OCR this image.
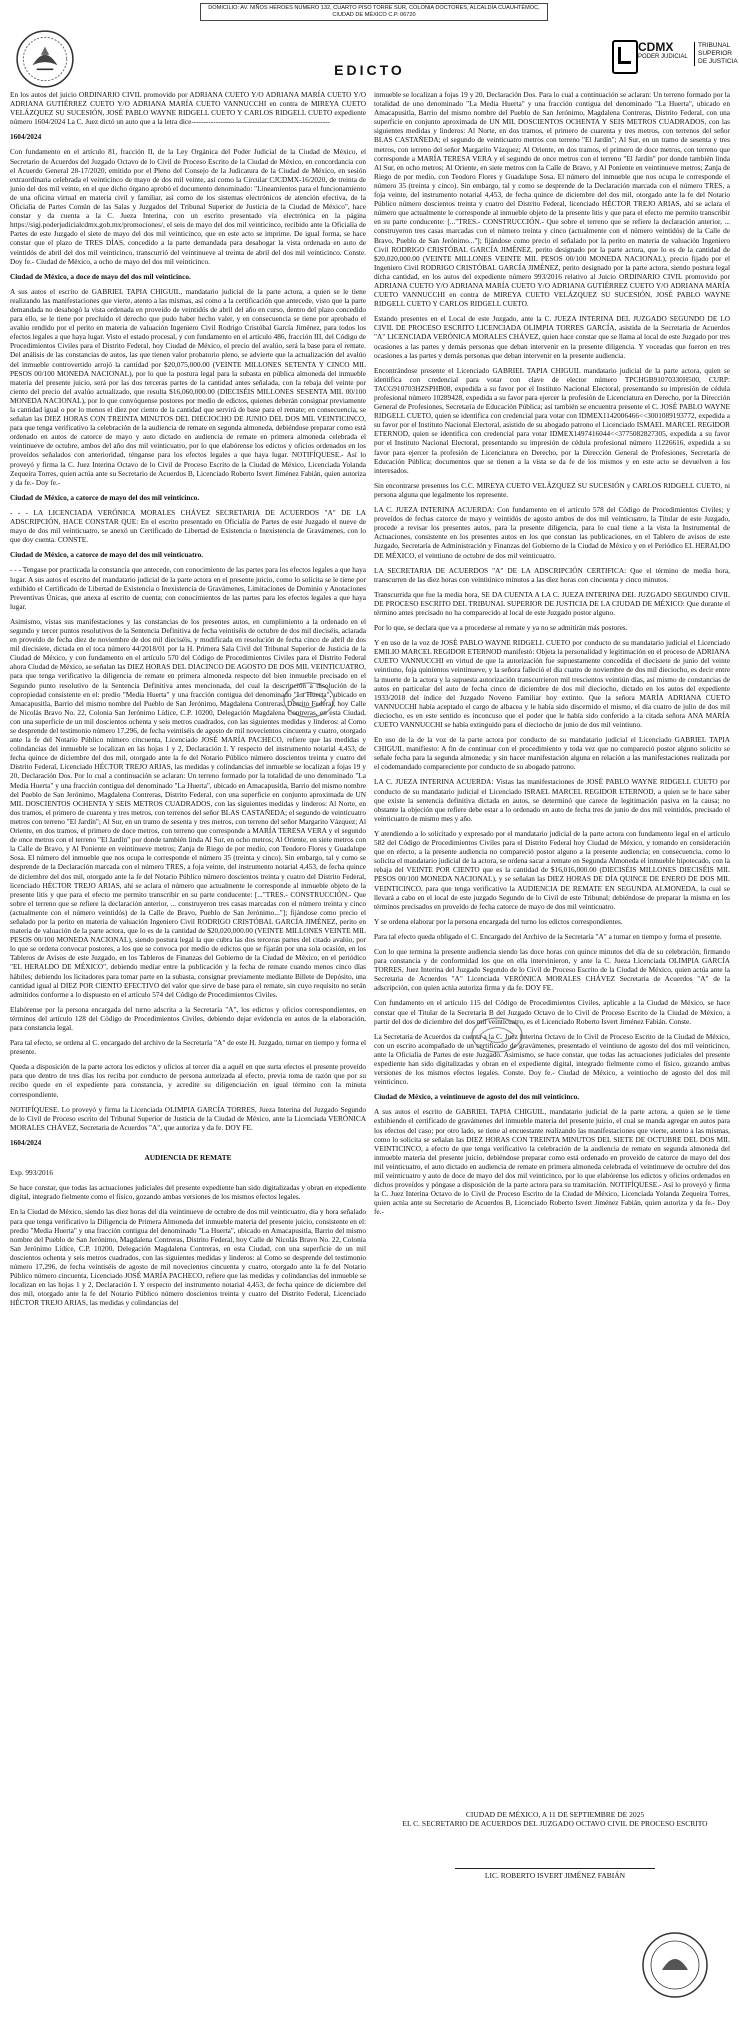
DOMICILIO: AV. NIÑOS HEROES NUMERO 132, CUARTO PISO TORRE SUR, COLONIA DOCTORES, ALCALDÍA CUAUHTÉMOC, CIUDAD DE MÉXICO C.P. 06720
EDICTO
CDMX
PODER JUDICIAL
TRIBUNAL SUPERIOR DE JUSTICIA

En los autos del juicio ORDINARIO CIVIL promovido por ADRIANA CUETO Y/O ADRIANA MARÍA CUETO Y/O ADRIANA GUTIÉRREZ CUETO Y/O ADRIANA MARÍA CUETO VANNUCCHI en contra de MIREYA CUETO VELÁZQUEZ SU SUCESIÓN, JOSÉ PABLO WAYNE RIDGELL CUETO Y CARLOS RIDGELL CUETO expediente número 1604/2024 La C. Juez dictó un auto que a la letra dice---------------------------------------------------------

1604/2024

Con fundamento en el artículo 81, fracción II, de la Ley Orgánica del Poder Judicial de la Ciudad de México, el Secretario de Acuerdos del Juzgado Octavo de lo Civil de Proceso Escrito de la Ciudad de México, en concordancia con el Acuerdo General 28-17/2020, emitido por el Pleno del Consejo de la Judicatura de la Ciudad de México, en sesión extraordinaria celebrada el veinticinco de mayo de dos mil veinte, así como la Circular CJCDMX-16/2020, de treinta de junio del dos mil veinte, en el que dicho órgano aprobó el documento denominado: "Lineamientos para el funcionamiento de una oficina virtual en materia civil y familiar, así como de los sistemas electrónicos de atención efectiva, de la Oficialía de Partes Común de las Salas y Juzgados del Tribunal Superior de Justicia de la Ciudad de México", hace constar y da cuenta a la C. Jueza Interina, con un escrito presentado vía electrónica en la página https://sigj.poderjudicialcdmx.gob.mx/promociones/, el seis de mayo del dos mil veinticinco, recibido ante la Oficialía de Partes de este Juzgado el siete de mayo del dos mil veinticinco, que en este acto se imprime. De igual forma, se hace constar que el plazo de TRES DÍAS, concedido a la parte demandada para desahogar la vista ordenada en auto de veintidós de abril del dos mil veinticinco, transcurrió del veintinueve al treinta de abril del dos mil veinticinco. Conste. Doy fe.- Ciudad de México, a ocho de mayo del dos mil veinticinco.

Ciudad de México, a doce de mayo del dos mil veinticinco.

A sus autos el escrito de GABRIEL TAPIA CHIGUIL, mandatario judicial de la parte actora, a quien se le tiene realizando las manifestaciones que vierte, atento a las mismas, así como a la certificación que antecede, visto que la parte demandada no desahogó la vista ordenada en proveído de veintidós de abril del año en curso, dentro del plazo concedido para ello, se le tiene por precluido el derecho que pudo haber hecho valer, y en consecuencia se tiene por aprobado el avalúo rendido por el perito en materia de valuación Ingeniero Civil Rodrigo Cristóbal García Jiménez, para todos los efectos legales a que haya lugar. Visto el estado procesal, y con fundamento en el artículo 486, fracción III, del Código de Procedimientos Civiles para el Distrito Federal, hoy Ciudad de México, el precio del avalúo, será la base para el remate. Del análisis de las constancias de autos, las que tienen valor probatorio pleno, se advierte que la actualización del avalúo del inmueble controvertido arrojó la cantidad por $20,075,000.00 (VEINTE MILLONES SETENTA Y CINCO MIL PESOS 00/100 MONEDA NACIONAL), por lo que la postura legal para la subasta en pública almoneda del inmueble materia del presente juicio, será por las dos terceras partes de la cantidad antes señalada, con la rebaja del veinte por ciento del precio del avalúo actualizado, que resulta $16,060,000.00 (DIECISÉIS MILLONES SESENTA MIL 00/100 MONEDA NACIONAL), por lo que convóquense postores por medio de edictos, quienes deberán consignar previamente la cantidad igual o por lo menos el diez por ciento de la cantidad que servirá de base para el remate; en consecuencia, se señalan las DIEZ HORAS CON TREINTA MINUTOS DEL DIECIOCHO DE JUNIO DEL DOS MIL VEINTICINCO, para que tenga verificativo la celebración de la audiencia de remate en segunda almoneda, debiéndose preparar como está ordenado en autos de catorce de mayo y auto dictado en audiencia de remate en primera almoneda celebrada el veintinueve de octubre, ambos del año dos mil veinticuatro, por lo que elabórense los edictos y oficios ordenados en los proveídos señalados con anterioridad, ténganse para los efectos legales a que haya lugar. NOTIFÍQUESE.- Así lo proveyó y firma la C. Juez Interina Octavo de lo Civil de Proceso Escrito de la Ciudad de México, Licenciada Yolanda Zequeira Torres, quien actúa ante su Secretario de Acuerdos B, Licenciado Roberto Isvert Jiménez Fabián, quien autoriza y da fe.- Doy fe.-

Ciudad de México, a catorce de mayo del dos mil veinticinco.

- - - LA LICENCIADA VERÓNICA MORALES CHÁVEZ SECRETARIA DE ACUERDOS "A" DE LA ADSCRIPCIÓN, HACE CONSTAR QUE: En el escrito presentado en Oficialía de Partes de este Juzgado el nueve de mayo de dos mil veinticuatro, se anexó un Certificado de Libertad de Existencia o Inexistencia de Gravámenes, con lo que doy cuenta. CONSTE.

Ciudad de México, a catorce de mayo del dos mil veinticuatro.

- - - Tengase por practicada la constancia que antecede, con conocimiento de las partes para los efectos legales a que haya lugar. A sus autos el escrito del mandatario judicial de la parte actora en el presente juicio, como lo solicita se le tiene por exhibido el Certificado de Libertad de Existencia o Inexistencia de Gravámenes, Limitaciones de Dominio y Anotaciones Preventivas Únicas, que anexa al escrito de cuenta; con conocimientos de las partes para los efectos legales a que haya lugar.

Asimismo, vistas sus manifestaciones y las constancias de los presentes autos, en cumplimiento a la ordenado en el segundo y tercer puntos resolutivos de la Sentencia Definitiva de fecha veintiséis de octubre de dos mil dieciséis, aclarada en proveído de fecha diez de noviembre de dos mil dieciséis, y modificada en resolución de fecha cinco de abril de dos mil diecisiete, dictada en el toca número 44/2018/01 por la H. Primera Sala Civil del Tribunal Superior de Justicia de la Ciudad de México, y con fundamento en el artículo 570 del Código de Procedimientos Civiles para el Distrito Federal ahora Ciudad de México, se señalan las DIEZ HORAS DEL DIACINCO DE AGOSTO DE DOS MIL VEINTICUATRO, para que tenga verificativo la diligencia de remate en primera almoneda respecto del bien inmueble precisado en el Segundo punto resolutivo de la Sentencia Definitiva antes mencionada, del cual la descripción a disolución de la copropiedad consistente en el: predio "Media Huerta" y una fracción contigua del denominado "La Huerta", ubicado en Amacapusitla, Barrio del mismo nombre del Pueblo de San Jerónimo, Magdalena Contreras, Distrito Federal, hoy Calle de Nicolás Bravo No. 22, Colonia San Jerónimo Lídice, C.P. 10200, Delegación Magdalena Contreras, en esta Ciudad, con una superficie de un mil doscientos ochenta y seis metros cuadrados, con las siguientes medidas y linderos: al Como se desprende del testimonio número 17,296, de fecha veintiséis de agosto de mil novecientos cincuenta y cuatro, otorgado ante la fe del Notario Público número cincuenta, Licenciado JOSÉ MARÍA PACHECO, refiere que las medidas y colindancias del inmueble se localizan en las hojas 1 y 2, Declaración I. Y respecto del instrumento notarial 4,453, de fecha quince de diciembre del dos mil, otorgado ante la fe del Notario Público número doscientos treinta y cuatro del Distrito Federal, Licenciado HÉCTOR TREJO ARIAS, las medidas y colindancias del inmueble se localizan a fojas 19 y 20, Declaración Dos. Por lo cual a continuación se aclaran: Un terreno formado por la totalidad de uno denominado "La Media Huerta" y una fracción contigua del denominado "La Huerta", ubicado en Amacapusitla, Barrio del mismo nombre del Pueblo de San Jerónimo, Magdalena Contreras, Distrito Federal, con una superficie en conjunto aproximada de UN MIL DOSCIENTOS OCHENTA Y SEIS METROS CUADRADOS, con las siguientes medidas y linderos: Al Norte, en dos tramos, el primero de cuarenta y tres metros, con terrenos del señor BLAS CASTAÑEDA; el segundo de veinticuatro metros con terreno "El Jardín"; Al Sur, en un tramo de sesenta y tres metros, con terreno del señor Margarito Vázquez; Al Oriente, en dos tramos, el primero de doce metros, con terreno que corresponde a MARÍA TERESA VERA y el segundo de once metros con el terreno "El Jardín" por donde también linda Al Sur, en ocho metros; Al Oriente, en siete metros con la Calle de Bravo, y Al Poniente en veintinueve metros; Zanja de Riego de por medio, con Teodoro Flores y Guadalupe Sosa. El número del inmueble que nos ocupa le corresponde el número 35 (treinta y cinco). Sin embargo, tal y como se desprende de la Declaración marcada con el número TRES, a foja veinte, del instrumento notarial 4,453, de fecha quince de diciembre del dos mil, otorgado ante la fe del Notario Público número doscientos treinta y cuatro del Distrito Federal, licenciado HÉCTOR TREJO ARIAS, ahí se aclara el número que actualmente le corresponde al inmueble objeto de la presente litis y que para el efecto me permito transcribir en su parte conducente: [..."TRES.- CONSTRUCCIÓN.- Que sobre el terreno que se refiere la declaración anterior, ... construyeron tres casas marcadas con el número treinta y cinco (actualmente con el número veintidós) de la Calle de Bravo, Pueblo de San Jerónimo..."]; fijándose como precio el señalado por la perito en materia de valuación Ingeniero Civil RODRIGO CRISTÓBAL GARCÍA JIMÉNEZ, perito en materia de valuación de la parte actora, que lo es de la cantidad de $20,020,000.00 (VEINTE MILLONES VEINTE MIL PESOS 00/100 MONEDA NACIONAL), siendo postura legal la que cubra las dos terceras partes del citado avalúo, por lo que se ordena convocar postores, a los que se convoca por medio de edictos que se fijarán por una sola ocasión, en los Tableros de Avisos de este Juzgado, en los Tableros de Finanzas del Gobierno de la Ciudad de México, en el periódico "EL HERALDO DE MÉXICO", debiendo mediar entre la publicación y la fecha de remate cuando menos cinco días hábiles; debiendo los licitadores para tomar parte en la subasta, consignar previamente mediante Billete de Depósito, una cantidad igual al DIEZ POR CIENTO EFECTIVO del valor que sirve de base para el remate, sin cuyo requisito no serán admitidos conforme a lo dispuesto en el artículo 574 del Código de Procedimientos Civiles.

Elabórense por la persona encargada del turno adscrita a la Secretaría "A", los edictos y oficios correspondientes, en términos del artículo 128 del Código de Procedimientos Civiles, debiendo dejar evidencia en autos de la elaboración, para constancia legal.

Para tal efecto, se ordena al C. encargado del archivo de la Secretaría "A" de este H. Juzgado, turnar en tiempo y forma el presente.

Queda a disposición de la parte actora los edictos y oficios al tercer día a aquél en que surta efectos el presente proveído para que dentro de tres días los reciba por conducto de persona autorizada al efecto, previa toma de razón que por su recibo quede en el expediente para constancia, y acredite su diligenciación en igual término con la minuta correspondiente.

NOTIFÍQUESE. Lo proveyó y firma la Licenciada OLIMPIA GARCÍA TORRES, Jueza Interina del Juzgado Segundo de lo Civil de Proceso escrito del Tribunal Superior de Justicia de la Ciudad de México, ante la Licenciada VERÓNICA MORALES CHÁVEZ, Secretaria de Acuerdos "A", que autoriza y da fe. DOY FE.

1604/2024

AUDIENCIA DE REMATE

Exp. 993/2016

Se hace constar, que todas las actuaciones judiciales del presente expediente han sido digitalizadas y obran en expediente digital, integrado fielmente como el físico, gozando ambas versiones de los mismos efectos legales.

En la Ciudad de México, siendo las diez horas del día veintinueve de octubre de dos mil veinticuatro, día y hora señalado para que tenga verificativo la Diligencia de Primera Almoneda del inmueble materia del presente juicio, consistente en el: predio "Media Huerta" y una fracción contigua del denominado "La Huerta", ubicado en Amacapusitla, Barrio del mismo nombre del Pueblo de San Jerónimo, Magdalena Contreras, Distrito Federal, hoy Calle de Nicolás Bravo No. 22, Colonia San Jerónimo Lídice, C.P. 10200, Delegación Magdalena Contreras, en esta Ciudad, con una superficie de un mil doscientos ochenta y seis metros cuadrados, con las siguientes medidas y linderos: al Como se desprende del testimonio número 17,296, de fecha veintiséis de agosto de mil novecientos cincuenta y cuatro, otorgado ante la fe del Notario Público número cincuenta, Licenciado JOSÉ MARÍA PACHECO, refiere que las medidas y colindancias del inmueble se localizan en las hojas 1 y 2, Declaración I. Y respecto del instrumento notarial 4,453, de fecha quince de diciembre del dos mil, otorgado ante la fe del Notario Público número doscientos treinta y cuatro del Distrito Federal, Licenciado HÉCTOR TREJO ARIAS, las medidas y colindancias del

inmueble se localizan a fojas 19 y 20, Declaración Dos. Para lo cual a continuación se aclaran: Un terreno formado por la totalidad de uno denominado "La Media Huerta" y una fracción contigua del denominado "La Huerta", ubicado en Amacapusitla, Barrio del mismo nombre del Pueblo de San Jerónimo, Magdalena Contreras, Distrito Federal, con una superficie en conjunto aproximada de UN MIL DOSCIENTOS OCHENTA Y SEIS METROS CUADRADOS, con las siguientes medidas y linderos: Al Norte, en dos tramos, el primero de cuarenta y tres metros, con terrenos del señor BLAS CASTAÑEDA; el segundo de veinticuatro metros con terreno "El Jardín"; Al Sur, en un tramo de sesenta y tres metros, con terreno del señor Margarito Vázquez; Al Oriente, en dos tramos, el primero de doce metros, con terreno que corresponde a MARÍA TERESA VERA y el segundo de once metros con el terreno "El Jardín" por donde también linda Al Sur, en ocho metros; Al Oriente, en siete metros con la Calle de Bravo, y Al Poniente en veintinueve metros; Zanja de Riego de por medio, con Teodoro Flores y Guadalupe Sosa. El número del inmueble que nos ocupa le corresponde el número 35 (treinta y cinco). Sin embargo, tal y como se desprende de la Declaración marcada con el número TRES, a foja veinte, del instrumento notarial 4,453, de fecha quince de diciembre del dos mil, otorgado ante la fe del Notario Público número doscientos treinta y cuatro del Distrito Federal, licenciado HÉCTOR TREJO ARIAS, ahí se aclara el número que actualmente le corresponde al inmueble objeto de la presente litis y que para el efecto me permito transcribir en su parte conducente: [..."TRES.- CONSTRUCCIÓN.- Que sobre el terreno que se refiere la declaración anterior, ... construyeron tres casas marcadas con el número treinta y cinco (actualmente con el número veintidós) de la Calle de Bravo, Pueblo de San Jerónimo..."]; fijándose como precio el señalado por la perito en materia de valuación Ingeniero Civil RODRIGO CRISTÓBAL GARCÍA JIMÉNEZ, perito designado por la parte actora, que lo es de la cantidad de $20,020,000.00 (VEINTE MILLONES VEINTE MIL PESOS 00/100 MONEDA NACIONAL), precio fijado por el Ingeniero Civil RODRIGO CRISTÓBAL GARCÍA JIMÉNEZ, perito designado por la parte actora, siendo postura legal dicha cantidad, en los autos del expediente número 993/2016 relativo al Juicio ORDINARIO CIVIL promovido por ADRIANA CUETO Y/O ADRIANA MARÍA CUETO Y/O ADRIANA GUTIÉRREZ CUETO Y/O ADRIANA MARÍA CUETO VANNUCCHI en contra de MIREYA CUETO VELÁZQUEZ SU SUCESIÓN, JOSÉ PABLO WAYNE RIDGELL CUETO Y CARLOS RIDGELL CUETO.

Estando presentes en el Local de este Juzgado, ante la C. JUEZA INTERINA DEL JUZGADO SEGUNDO DE LO CIVIL DE PROCESO ESCRITO LICENCIADA OLIMPIA TORRES GARCÍA, asistida de la Secretaria de Acuerdos "A" LICENCIADA VERÓNICA MORALES CHÁVEZ, quien hace constar que se llama al local de este Juzgado por tres ocasiones a las partes y demás personas que deban intervenir en la presente diligencia. Y voceadas que fueron en tres ocasiones a las partes y demás personas que deban intervenir en la presente audiencia.

Encontrándose presente el Licenciado GABRIEL TAPIA CHIGUIL mandatario judicial de la parte actora, quien se identifica con credencial para votar con clave de elector número TPCHGB91070330H500, CURP: TACG910703HZSPHB08, expedida a su favor por el Instituto Nacional Electoral, presentando su impresión de cédula profesional número 10289428, expedida a su favor para ejercer la profesión de Licenciatura en Derecho, por la Dirección General de Profesiones, Secretaría de Educación Pública; así también se encuentra presente el C. JOSÉ PABLO WAYNE RIDGELL CUETO, quien se identifica con credencial para votar con IDMEX1142006466<<3001089193772, expedida a su favor por el Instituto Nacional Electoral, asistido de su abogado patrono el Licenciado ISMAEL MARCEL REGIDOR ETERNOD, quien se identifica con credencial para votar IDMEX1497416044<<3775082827305, expedida a su favor por el Instituto Nacional Electoral, presentando su impresión de cédula profesional número 11226616, expedida a su favor para ejercer la profesión de Licenciatura en Derecho, por la Dirección General de Profesiones, Secretaría de Educación Pública; documentos que se tienen a la vista se da fe de los mismos y en este acto se devuelven a los interesados.

Sin encontrarse presentes los C.C. MIREYA CUETO VELÁZQUEZ SU SUCESIÓN y CARLOS RIDGELL CUETO, ni persona alguna que legalmente los represente.

LA C. JUEZA INTERINA ACUERDA: Con fundamento en el artículo 578 del Código de Procedimientos Civiles; y proveídos de fechas catorce de mayo y veintidós de agosto ambos de dos mil veinticuatro, la Titular de este Juzgado, procede a revisar los presentes autos, para la presente diligencia, para lo cual tiene a la vista la Instrumental de Actuaciones, consistente en los presentes autos en los que constan las publicaciones, en el Tablero de avisos de este Juzgado, Secretaría de Administración y Finanzas del Gobierno de la Ciudad de México y en el Periódico EL HERALDO DE MÉXICO, el veintiuno de octubre de dos mil veinticuatro.

LA SECRETARIA DE ACUERDOS "A" DE LA ADSCRIPCIÓN CERTIFICA: Que el término de media hora, transcurren de las diez horas con veintiúnico minutos a las diez horas con cincuenta y cinco minutos.

Transcurrida que fue la media hora, SE DA CUENTA A LA C. JUEZA INTERINA DEL JUZGADO SEGUNDO CIVIL DE PROCESO ESCRITO DEL TRIBUNAL SUPERIOR DE JUSTICIA DE LA CIUDAD DE MÉXICO: Que durante el término antes precisado no ha comparecido al local de este Juzgado postor alguno.

Por lo que, se declara que va a procederse al remate y ya no se admitirán más postores.

Y en uso de la voz de JOSÉ PABLO WAYNE RIDGELL CUETO por conducto de su mandatario judicial el Licenciado EMILIO MARCEL REGIDOR ETERNOD manifestó: Objeta la personalidad y legitimación en el proceso de ADRIANA CUETO VANNUCCHI en virtud de que la autorización fue supuestamente concedida el diecisiete de junio del veinte veintiuno, foja quinientos veintinueve, y la señora falleció el día cuatro de noviembre de dos mil dieciocho, es decir entre la muerte de la actora y la supuesta autorización transcurrieron mil trescientos veintiún días, así mismo de constancias de autos en particular del auto de fecha cinco de diciembre de dos mil dieciocho, dictado en los autos del expediente 1933/2018 del índice del Juzgado Noveno Familiar hoy extinto. Que la señora MARÍA ADRIANA CUETO VANNUCCHI había aceptado el cargo de albacea y le había sido discernido el mismo, el día cuatro de julio de dos mil dieciocho, es en este sentido es inconcuso que el poder que le había sido conferido a la citada señora ANA MARÍA CUETO VANNUCCHI se había extinguido para el dieciocho de junio de dos mil veintiuno.

En uso de la de la voz de la parte actora por conducto de su mandatario judicial el Licenciado GABRIEL TAPIA CHIGUIL manifiesto: A fin de continuar con el procedimiento y toda vez que no compareció postor alguno solicito se señale fecha para la segunda almoneda; y sin hacer manifestación alguna en relación a las manifestaciones realizada por el codemandado compareciente por conducto de su abogado patrono.

LA C. JUEZA INTERINA ACUERDA: Vistas las manifestaciones de JOSÉ PABLO WAYNE RIDGELL CUETO por conducto de su mandatario judicial el Licenciado ISRAEL MARCEL REGIDOR ETERNOD, a quien se le hace saber que existe la sentencia definitiva dictada en autos, se determinó que carece de legitimación pasiva en la causa; no obstante la objeción que refiere debe estar a lo ordenado en auto de fecha tres de junio de dos mil veintidós, precisado el veinticuatro de mismo mes y año.

Y atendiendo a lo solicitado y expresado por el mandatario judicial de la parte actora con fundamento legal en el artículo 582 del Código de Procedimientos Civiles para el Distrito Federal hoy Ciudad de México, y tomando en consideración que en efecto, a la presente audiencia no compareció postor alguno a la presente audiencia; en consecuencia, como lo solicita el mandatario judicial de la actora, se ordena sacar a remate en Segunda Almoneda el inmueble hipotecado, con la rebaja del VEINTE POR CIENTO que es la cantidad de $16,016,000.00 (DIECISÉIS MILLONES DIECISÉIS MIL PESOS 00/100 MONEDA NACIONAL), y se señalan las DIEZ HORAS DE DÍA QUINCE DE ENERO DE DOS MIL VEINTICINCO, para que tenga verificativo la AUDIENCIA DE REMATE EN SEGUNDA ALMONEDA, la cual se llevará a cabo en el local de este juzgado Segundo de lo Civil de este Tribunal; debiéndose de preparar la misma en los términos precisados en proveído de fecha catorce de mayo de dos mil veinticuatro.

Y se ordena elaborar por la persona encargada del turno los edictos correspondientes.

Para tal efecto queda obligado el C. Encargado del Archivo de la Secretaría "A" a turnar en tiempo y forma el presente.

Con lo que termina la presente audiencia siendo las doce horas con quince minutos del día de su celebración, firmando para constancia y de conformidad los que en ella intervinieron, y ante la C. Jueza Licenciada OLIMPIA GARCÍA TORRES, Juez Interina del Juzgado Segundo de lo Civil de Proceso Escrito de la Ciudad de México, quien actúa ante la Secretaria de Acuerdos "A" Licenciada VERÓNICA MORALES CHÁVEZ Secretaria de Acuerdos "A" de la adscripción, con quien actúa autoriza firma y da fe. DOY FE.

Con fundamento en el artículo 115 del Código de Procedimientos Civiles, aplicable a la Ciudad de México, se hace constar que el Titular de la Secretaría B del Juzgado Octavo de lo Civil de Proceso Escrito de la Ciudad de México, a partir del dos de diciembre del dos mil veinticuatro, es el Licenciado Roberto Isvert Jiménez Fabián. Conste.

La Secretaria de Acuerdos da cuenta a la C. Juez Interina Octavo de lo Civil de Proceso Escrito de la Ciudad de México, con un escrito acompañado de un certificado de gravámenes, presentado el veintiuno de agosto del dos mil veinticinco, ante la Oficialía de Partes de este Juzgado. Asimismo, se hace constar, que todas las actuaciones judiciales del presente expediente han sido digitalizadas y obran en el expediente digital, integrado fielmente como el físico, gozando ambas versiones de los mismos efectos legales. Conste. Doy fe.- Ciudad de México, a veintiocho de agosto del dos mil veinticinco.

Ciudad de México, a veintinueve de agosto del dos mil veinticinco.

A sus autos el escrito de GABRIEL TAPIA CHIGUIL, mandatario judicial de la parte actora, a quien se le tiene exhibiendo el certificado de gravámenes del inmueble materia del presente juicio, el cual se manda agregar en autos para los efectos del caso; por otro lado, se tiene al encuestante realizando las manifestaciones que vierte, atento a las mismas, como lo solicita se señalan las DIEZ HORAS CON TREINTA MINUTOS DEL SIETE DE OCTUBRE DEL DOS MIL VEINTICINCO, a efecto de que tenga verificativo la celebración de la audiencia de remate en segunda almoneda del inmueble materia del presente juicio, debiéndose preparar como está ordenado en proveído de catorce de mayo del dos mil veinticuatro, el auto dictado en audiencia de remate en primera almoneda celebrada el veintinueve de octubre del dos mil veinticuatro y auto de doce de mayo del dos mil veinticinco, por lo que elabórense los edictos y oficios ordenados en dichos proveídos y póngase a disposición de la parte actora para su tramitación. NOTIFÍQUESE.- Así lo proveyó y firma la C. Juez Interina Octavo de lo Civil de Proceso Escrito de la Ciudad de México, Licenciada Yolanda Zequeira Torres, quien actúa ante su Secretario de Acuerdos B, Licenciado Roberto Isvert Jiménez Fabián, quien autoriza y da fe.- Doy fe.-

CIUDAD DE MÉXICO, A 11 DE SEPTIEMBRE DE 2025
EL C. SECRETARIO DE ACUERDOS DEL JUZGADO OCTAVO CIVIL DE PROCESO ESCRITO
LIC. ROBERTO ISVERT JIMÉNEZ FABIÁN
